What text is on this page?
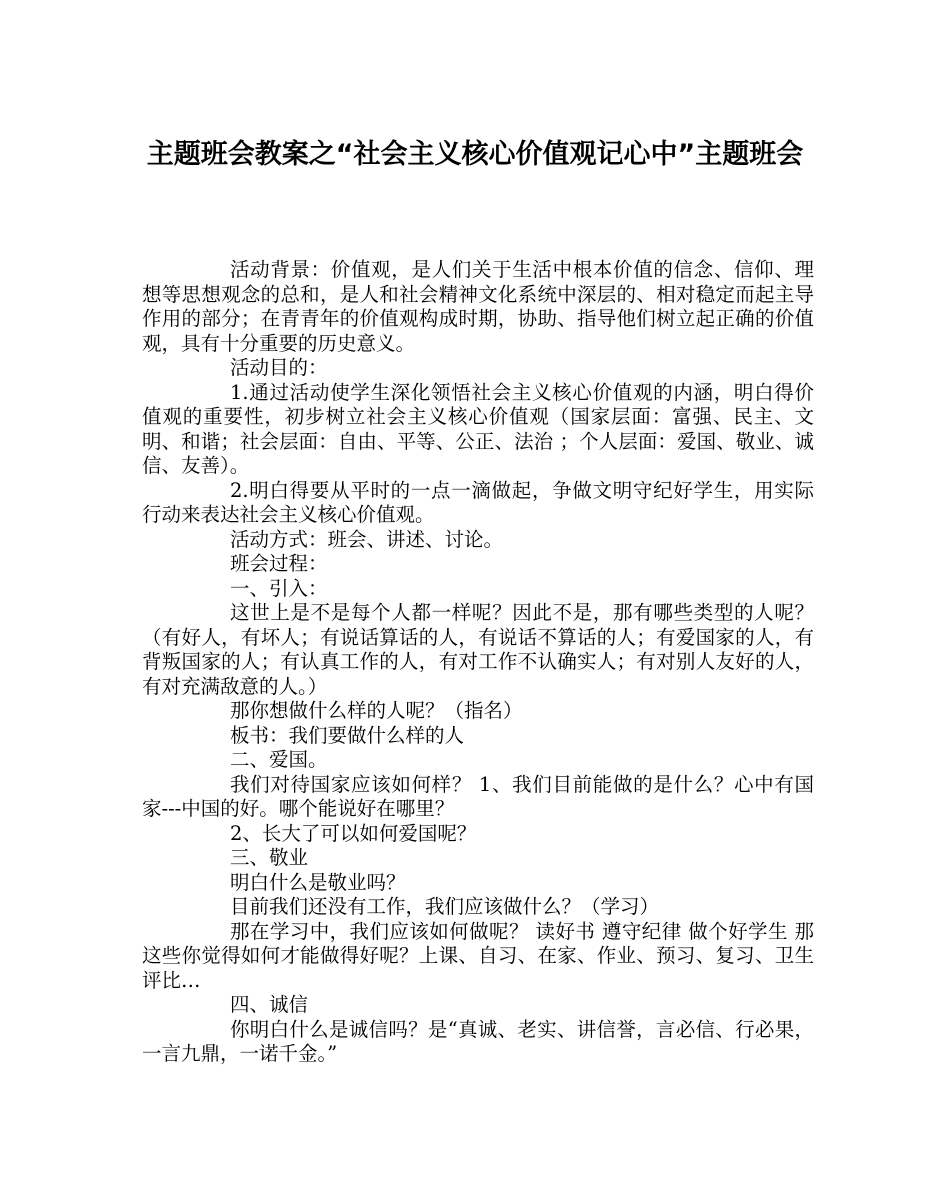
主题班会教案之“社会主义核心价值观记心中”主题班会

活动背景：价值观，是人们关于生活中根本价值的信念、信仰、理想等思想观念的总和，是人和社会精神文化系统中深层的、相对稳定而起主导作用的部分；在青青年的价值观构成时期，协助、指导他们树立起正确的价值观，具有十分重要的历史意义。

活动目的：

1.通过活动使学生深化领悟社会主义核心价值观的内涵，明白得价值观的重要性，初步树立社会主义核心价值观（国家层面：富强、民主、文明、和谐；社会层面：自由、平等、公正、法治 ；个人层面：爱国、敬业、诚信、友善）。

2.明白得要从平时的一点一滴做起，争做文明守纪好学生，用实际行动来表达社会主义核心价值观。

活动方式：班会、讲述、讨论。

班会过程：

一、引入：

这世上是不是每个人都一样呢？因此不是，那有哪些类型的人呢？（有好人，有坏人；有说话算话的人，有说话不算话的人；有爱国家的人，有背叛国家的人；有认真工作的人，有对工作不认确实人；有对别人友好的人，有对充满敌意的人。）

那你想做什么样的人呢？（指名）

板书：我们要做什么样的人

二、爱国。

我们对待国家应该如何样？ 1、我们目前能做的是什么？心中有国家---中国的好。哪个能说好在哪里？

2、长大了可以如何爱国呢？

三、敬业

明白什么是敬业吗？

目前我们还没有工作，我们应该做什么？（学习）

那在学习中，我们应该如何做呢？ 读好书 遵守纪律 做个好学生 那这些你觉得如何才能做得好呢？上课、自习、在家、作业、预习、复习、卫生评比…

四、诚信

你明白什么是诚信吗？是“真诚、老实、讲信誉，言必信、行必果，一言九鼎，一诺千金。”
